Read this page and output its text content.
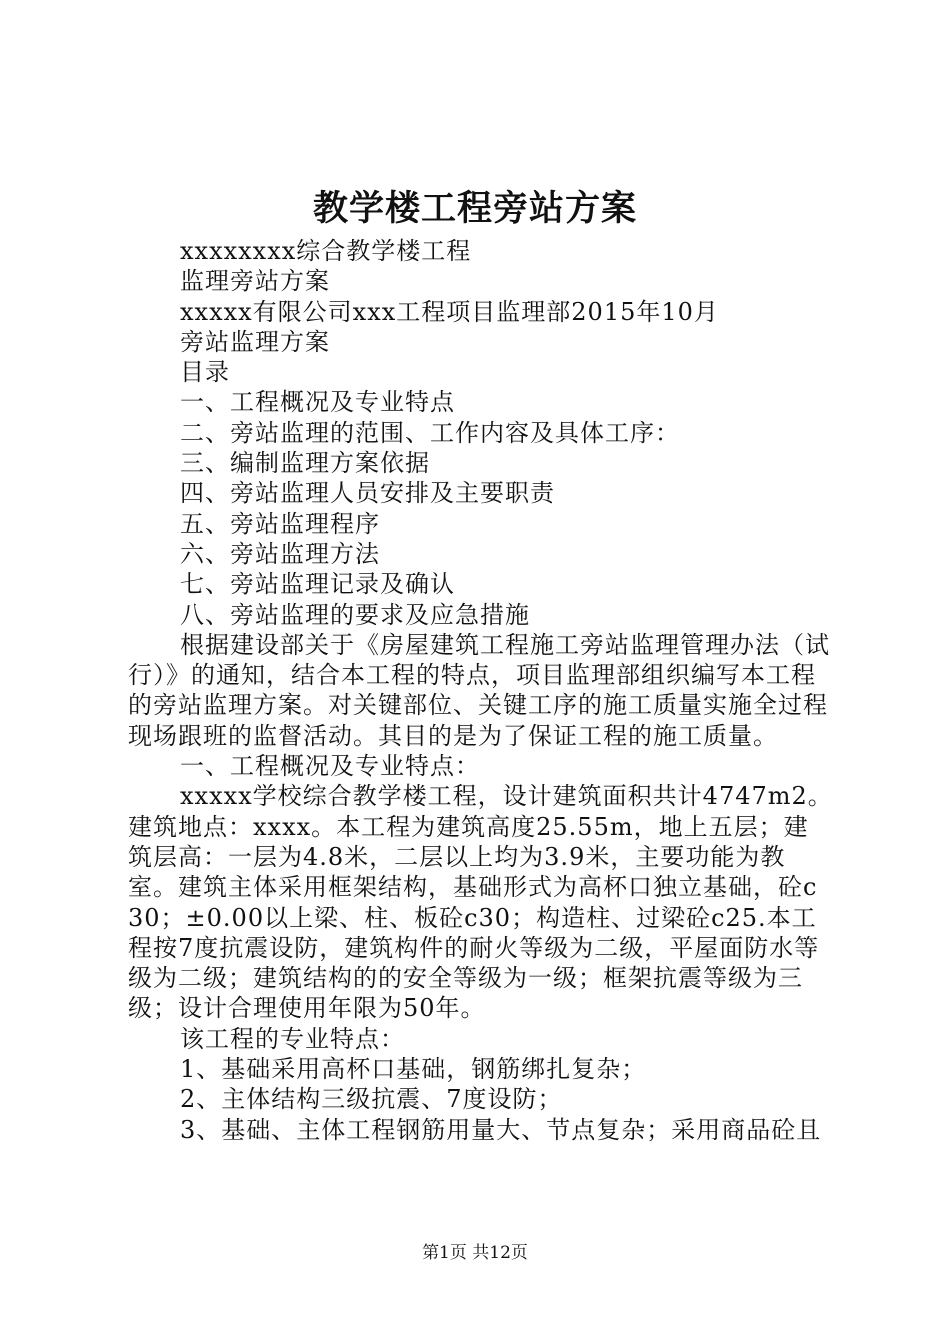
教学楼工程旁站方案

xxxxxxxx综合教学楼工程

监理旁站方案

xxxxx有限公司xxx工程项目监理部2015年10月

旁站监理方案

目录

一、工程概况及专业特点

二、旁站监理的范围、工作内容及具体工序：

三、编制监理方案依据

四、旁站监理人员安排及主要职责

五、旁站监理程序

六、旁站监理方法

七、旁站监理记录及确认

八、旁站监理的要求及应急措施

根据建设部关于《房屋建筑工程施工旁站监理管理办法（试行）》的通知，结合本工程的特点，项目监理部组织编写本工程的旁站监理方案。对关键部位、关键工序的施工质量实施全过程现场跟班的监督活动。其目的是为了保证工程的施工质量。

一、工程概况及专业特点：

xxxxx学校综合教学楼工程，设计建筑面积共计4747m2。建筑地点：xxxx。本工程为建筑高度25.55m，地上五层；建筑层高：一层为4.8米，二层以上均为3.9米，主要功能为教室。建筑主体采用框架结构，基础形式为高杯口独立基础，砼c30；±0.00以上梁、柱、板砼c30；构造柱、过梁砼c25.本工程按7度抗震设防，建筑构件的耐火等级为二级，平屋面防水等级为二级；建筑结构的的安全等级为一级；框架抗震等级为三级；设计合理使用年限为50年。

该工程的专业特点：

1、基础采用高杯口基础，钢筋绑扎复杂；

2、主体结构三级抗震、7度设防；

3、基础、主体工程钢筋用量大、节点复杂；采用商品砼且

第1页 共12页
